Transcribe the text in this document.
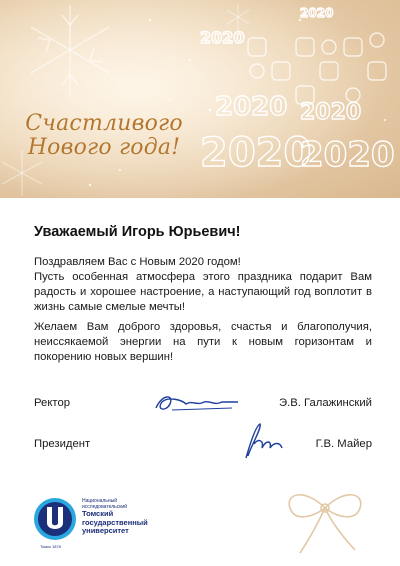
2020
2020
2020 2020
2020
2020
Счастливого
Нового года!
Уважаемый Игорь Юрьевич!
Поздравляем Вас с Новым 2020 годом!
Пусть особенная атмосфера этого праздника подарит Вам радость и хорошее настроение, а наступающий год воплотит в жизнь самые смелые мечты!
Желаем Вам доброго здоровья, счастья и благополучия, неиссякаемой энергии на пути к новым горизонтам и покорению новых вершин!
Ректор	Э.В. Галажинский
Президент	Г.В. Майер
Национальный
исследовательский
Томский
государственный
университет
Томск 1878
